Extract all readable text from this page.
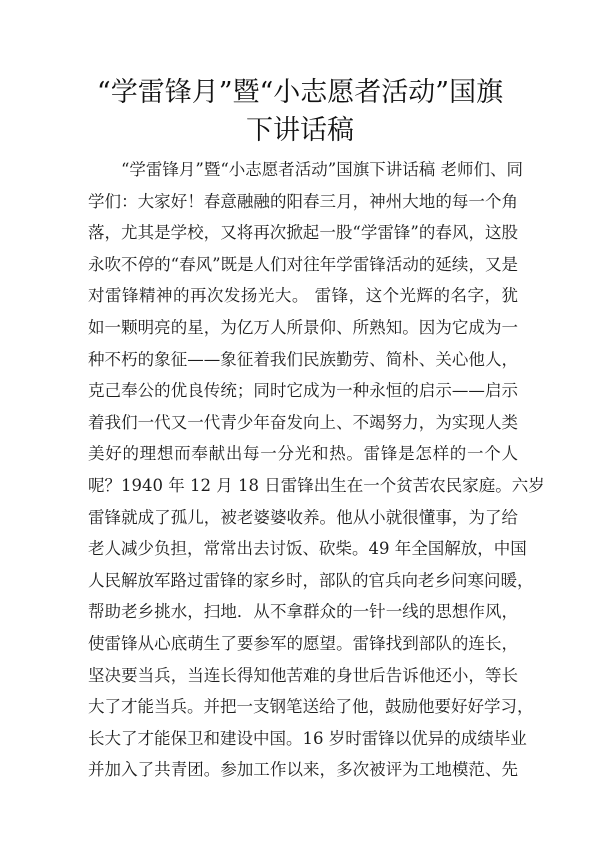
“学雷锋月”暨“小志愿者活动”国旗
下讲话稿
“学雷锋月”暨“小志愿者活动”国旗下讲话稿 老师们、同
学们：大家好！春意融融的阳春三月，神州大地的每一个角
落，尤其是学校，又将再次掀起一股“学雷锋”的春风，这股
永吹不停的“春风”既是人们对往年学雷锋活动的延续，又是
对雷锋精神的再次发扬光大。 雷锋，这个光辉的名字，犹
如一颗明亮的星，为亿万人所景仰、所熟知。因为它成为一
种不朽的象征——象征着我们民族勤劳、简朴、关心他人，
克己奉公的优良传统；同时它成为一种永恒的启示——启示
着我们一代又一代青少年奋发向上、不竭努力，为实现人类
美好的理想而奉献出每一分光和热。雷锋是怎样的一个人
呢？1940 年 12 月 18 日雷锋出生在一个贫苦农民家庭。六岁
雷锋就成了孤儿，被老婆婆收养。他从小就很懂事，为了给
老人减少负担，常常出去讨饭、砍柴。49 年全国解放，中国
人民解放军路过雷锋的家乡时，部队的官兵向老乡问寒问暖，
帮助老乡挑水，扫地．从不拿群众的一针一线的思想作风，
使雷锋从心底萌生了要参军的愿望。雷锋找到部队的连长，
坚决要当兵，当连长得知他苦难的身世后告诉他还小，等长
大了才能当兵。并把一支钢笔送给了他，鼓励他要好好学习，
长大了才能保卫和建设中国。16 岁时雷锋以优异的成绩毕业
并加入了共青团。参加工作以来，多次被评为工地模范、先
